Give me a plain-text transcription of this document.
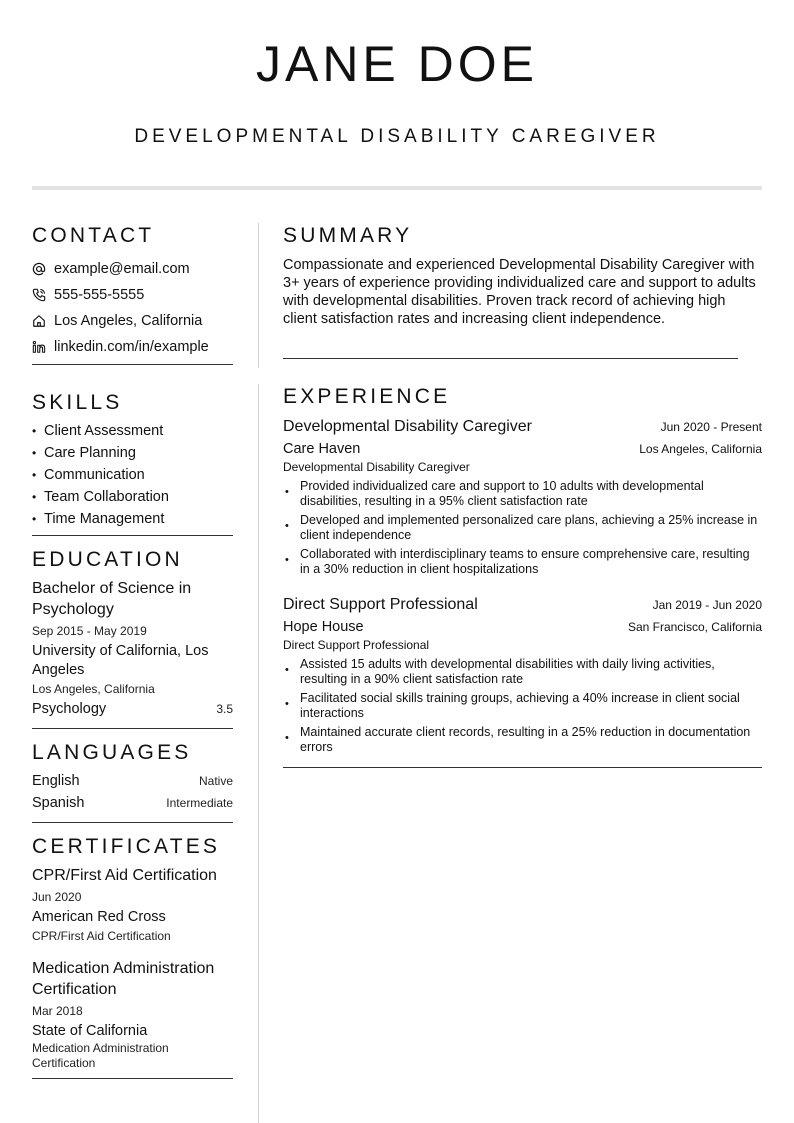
JANE DOE
DEVELOPMENTAL DISABILITY CAREGIVER
CONTACT
example@email.com
555-555-5555
Los Angeles, California
linkedin.com/in/example
SKILLS
• Client Assessment
• Care Planning
• Communication
• Team Collaboration
• Time Management
EDUCATION
Bachelor of Science in Psychology
Sep 2015 - May 2019
University of California, Los Angeles
Los Angeles, California
Psychology	3.5
LANGUAGES
English	Native
Spanish	Intermediate
CERTIFICATES
CPR/First Aid Certification
Jun 2020
American Red Cross
CPR/First Aid Certification
Medication Administration Certification
Mar 2018
State of California
Medication Administration Certification
SUMMARY
Compassionate and experienced Developmental Disability Caregiver with 3+ years of experience providing individualized care and support to adults with developmental disabilities. Proven track record of achieving high client satisfaction rates and increasing client independence.
EXPERIENCE
Developmental Disability Caregiver	Jun 2020 - Present
Care Haven	Los Angeles, California
Developmental Disability Caregiver
• Provided individualized care and support to 10 adults with developmental disabilities, resulting in a 95% client satisfaction rate
• Developed and implemented personalized care plans, achieving a 25% increase in client independence
• Collaborated with interdisciplinary teams to ensure comprehensive care, resulting in a 30% reduction in client hospitalizations
Direct Support Professional	Jan 2019 - Jun 2020
Hope House	San Francisco, California
Direct Support Professional
• Assisted 15 adults with developmental disabilities with daily living activities, resulting in a 90% client satisfaction rate
• Facilitated social skills training groups, achieving a 40% increase in client social interactions
• Maintained accurate client records, resulting in a 25% reduction in documentation errors
